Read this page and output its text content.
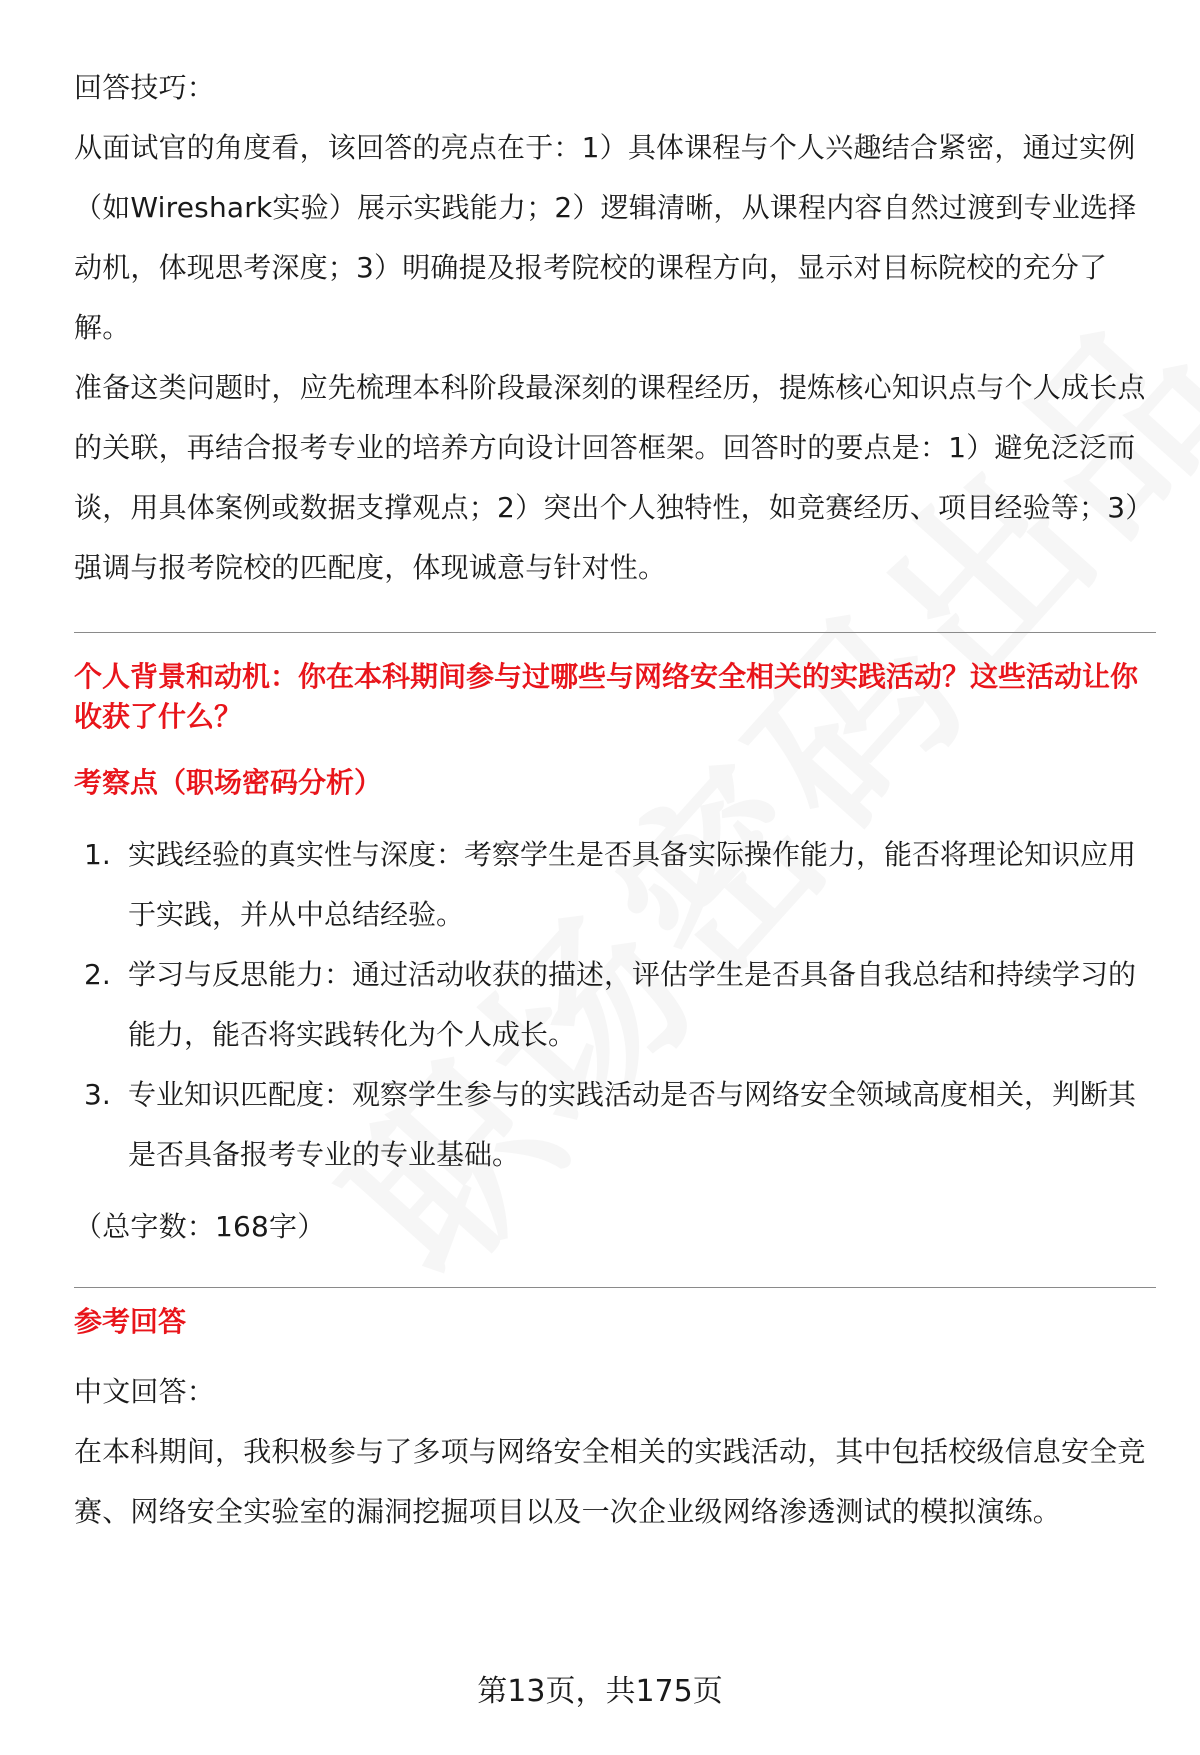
回答技巧：

从面试官的角度看，该回答的亮点在于：1）具体课程与个人兴趣结合紧密，通过实例（如Wireshark实验）展示实践能力；2）逻辑清晰，从课程内容自然过渡到专业选择动机，体现思考深度；3）明确提及报考院校的课程方向，显示对目标院校的充分了解。

准备这类问题时，应先梳理本科阶段最深刻的课程经历，提炼核心知识点与个人成长点的关联，再结合报考专业的培养方向设计回答框架。回答时的要点是：1）避免泛泛而谈，用具体案例或数据支撑观点；2）突出个人独特性，如竞赛经历、项目经验等；3）强调与报考院校的匹配度，体现诚意与针对性。

个人背景和动机：你在本科期间参与过哪些与网络安全相关的实践活动？这些活动让你收获了什么？

考察点（职场密码分析）

1. 实践经验的真实性与深度：考察学生是否具备实际操作能力，能否将理论知识应用于实践，并从中总结经验。
2. 学习与反思能力：通过活动收获的描述，评估学生是否具备自我总结和持续学习的能力，能否将实践转化为个人成长。
3. 专业知识匹配度：观察学生参与的实践活动是否与网络安全领域高度相关，判断其是否具备报考专业的专业基础。

（总字数：168字）

参考回答

中文回答：

在本科期间，我积极参与了多项与网络安全相关的实践活动，其中包括校级信息安全竞赛、网络安全实验室的漏洞挖掘项目以及一次企业级网络渗透测试的模拟演练。

第13页，共175页
